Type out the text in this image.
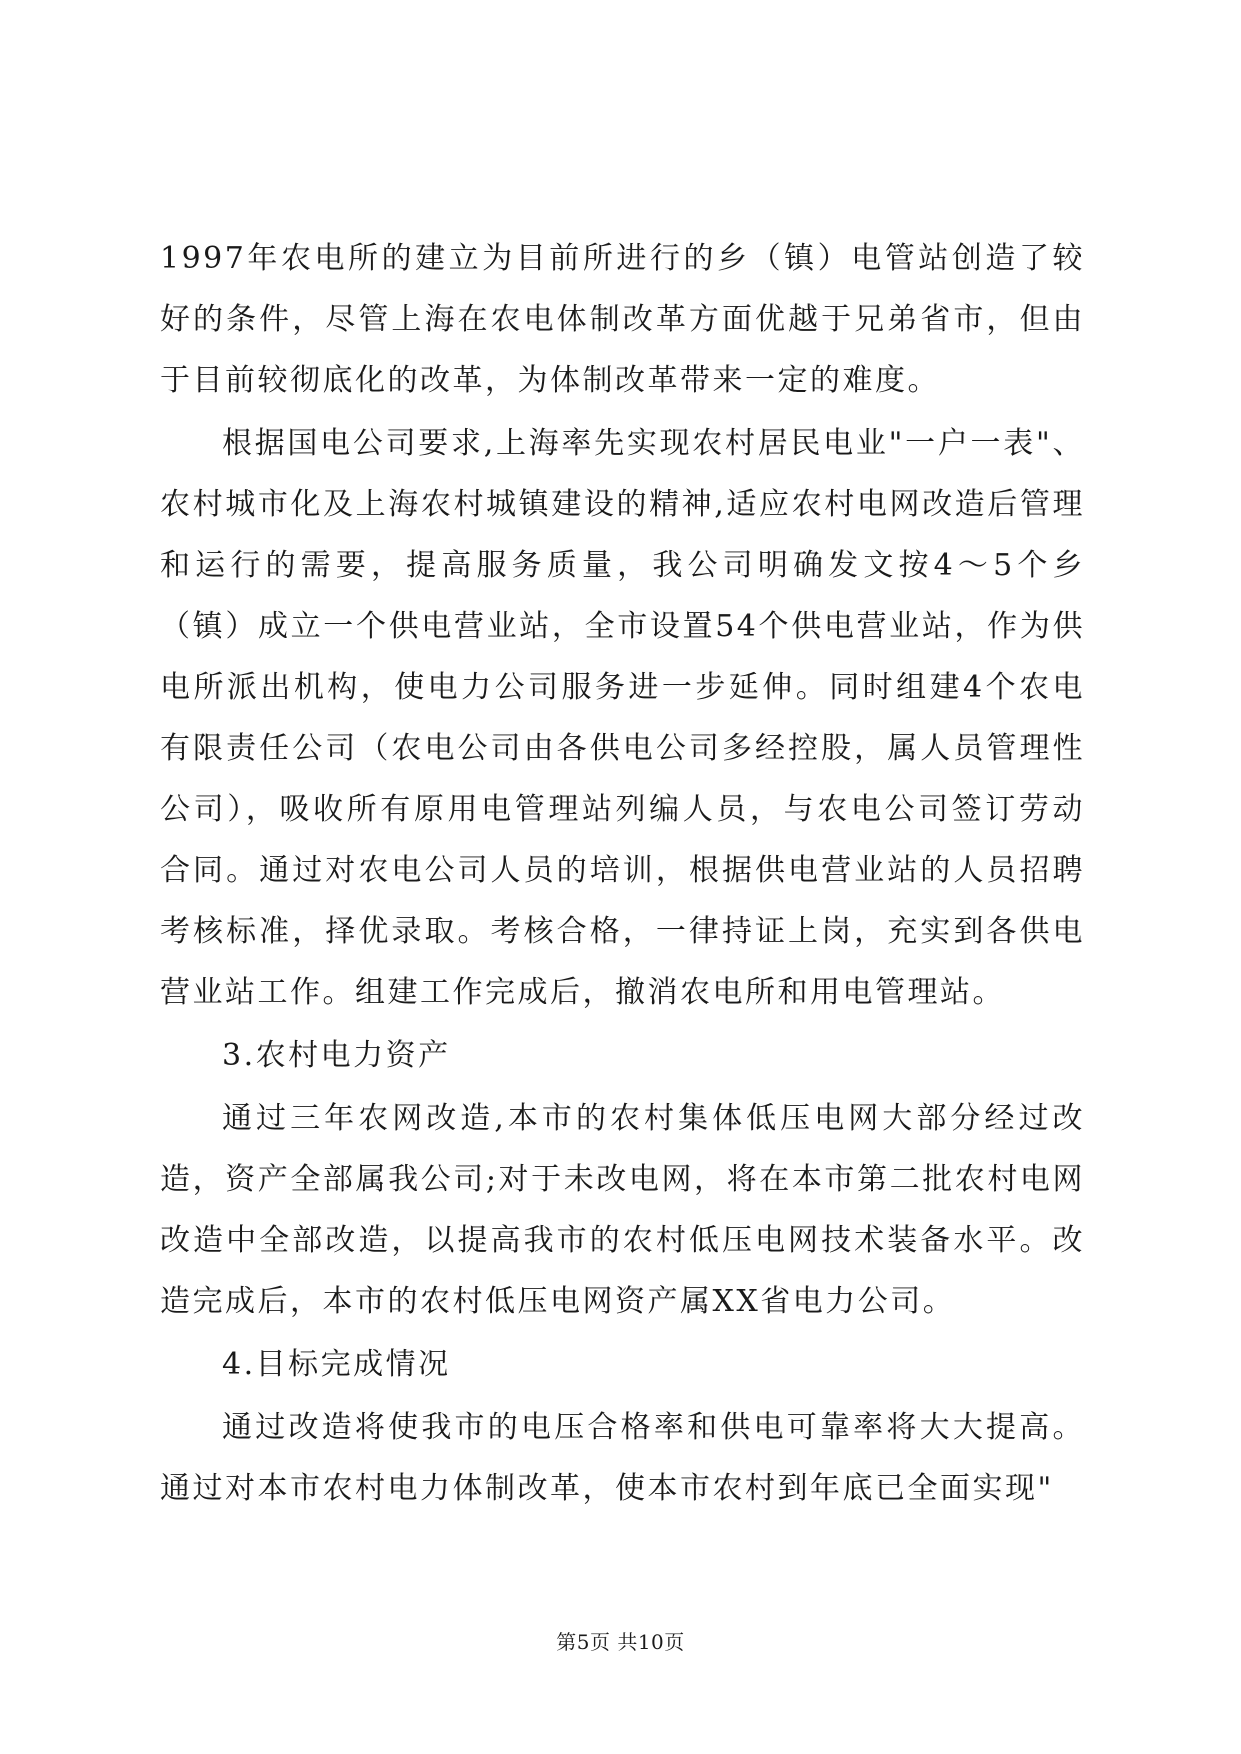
1997年农电所的建立为目前所进行的乡（镇）电管站创造了较好的条件，尽管上海在农电体制改革方面优越于兄弟省市，但由于目前较彻底化的改革，为体制改革带来一定的难度。

根据国电公司要求,上海率先实现农村居民电业"一户一表"、农村城市化及上海农村城镇建设的精神,适应农村电网改造后管理和运行的需要，提高服务质量，我公司明确发文按4～5个乡（镇）成立一个供电营业站，全市设置54个供电营业站，作为供电所派出机构，使电力公司服务进一步延伸。同时组建4个农电有限责任公司（农电公司由各供电公司多经控股，属人员管理性公司），吸收所有原用电管理站列编人员，与农电公司签订劳动合同。通过对农电公司人员的培训，根据供电营业站的人员招聘考核标准，择优录取。考核合格，一律持证上岗，充实到各供电营业站工作。组建工作完成后，撤消农电所和用电管理站。

3.农村电力资产

通过三年农网改造,本市的农村集体低压电网大部分经过改造，资产全部属我公司;对于未改电网，将在本市第二批农村电网改造中全部改造，以提高我市的农村低压电网技术装备水平。改造完成后，本市的农村低压电网资产属XX省电力公司。

4.目标完成情况

通过改造将使我市的电压合格率和供电可靠率将大大提高。通过对本市农村电力体制改革，使本市农村到年底已全面实现"

第5页 共10页
